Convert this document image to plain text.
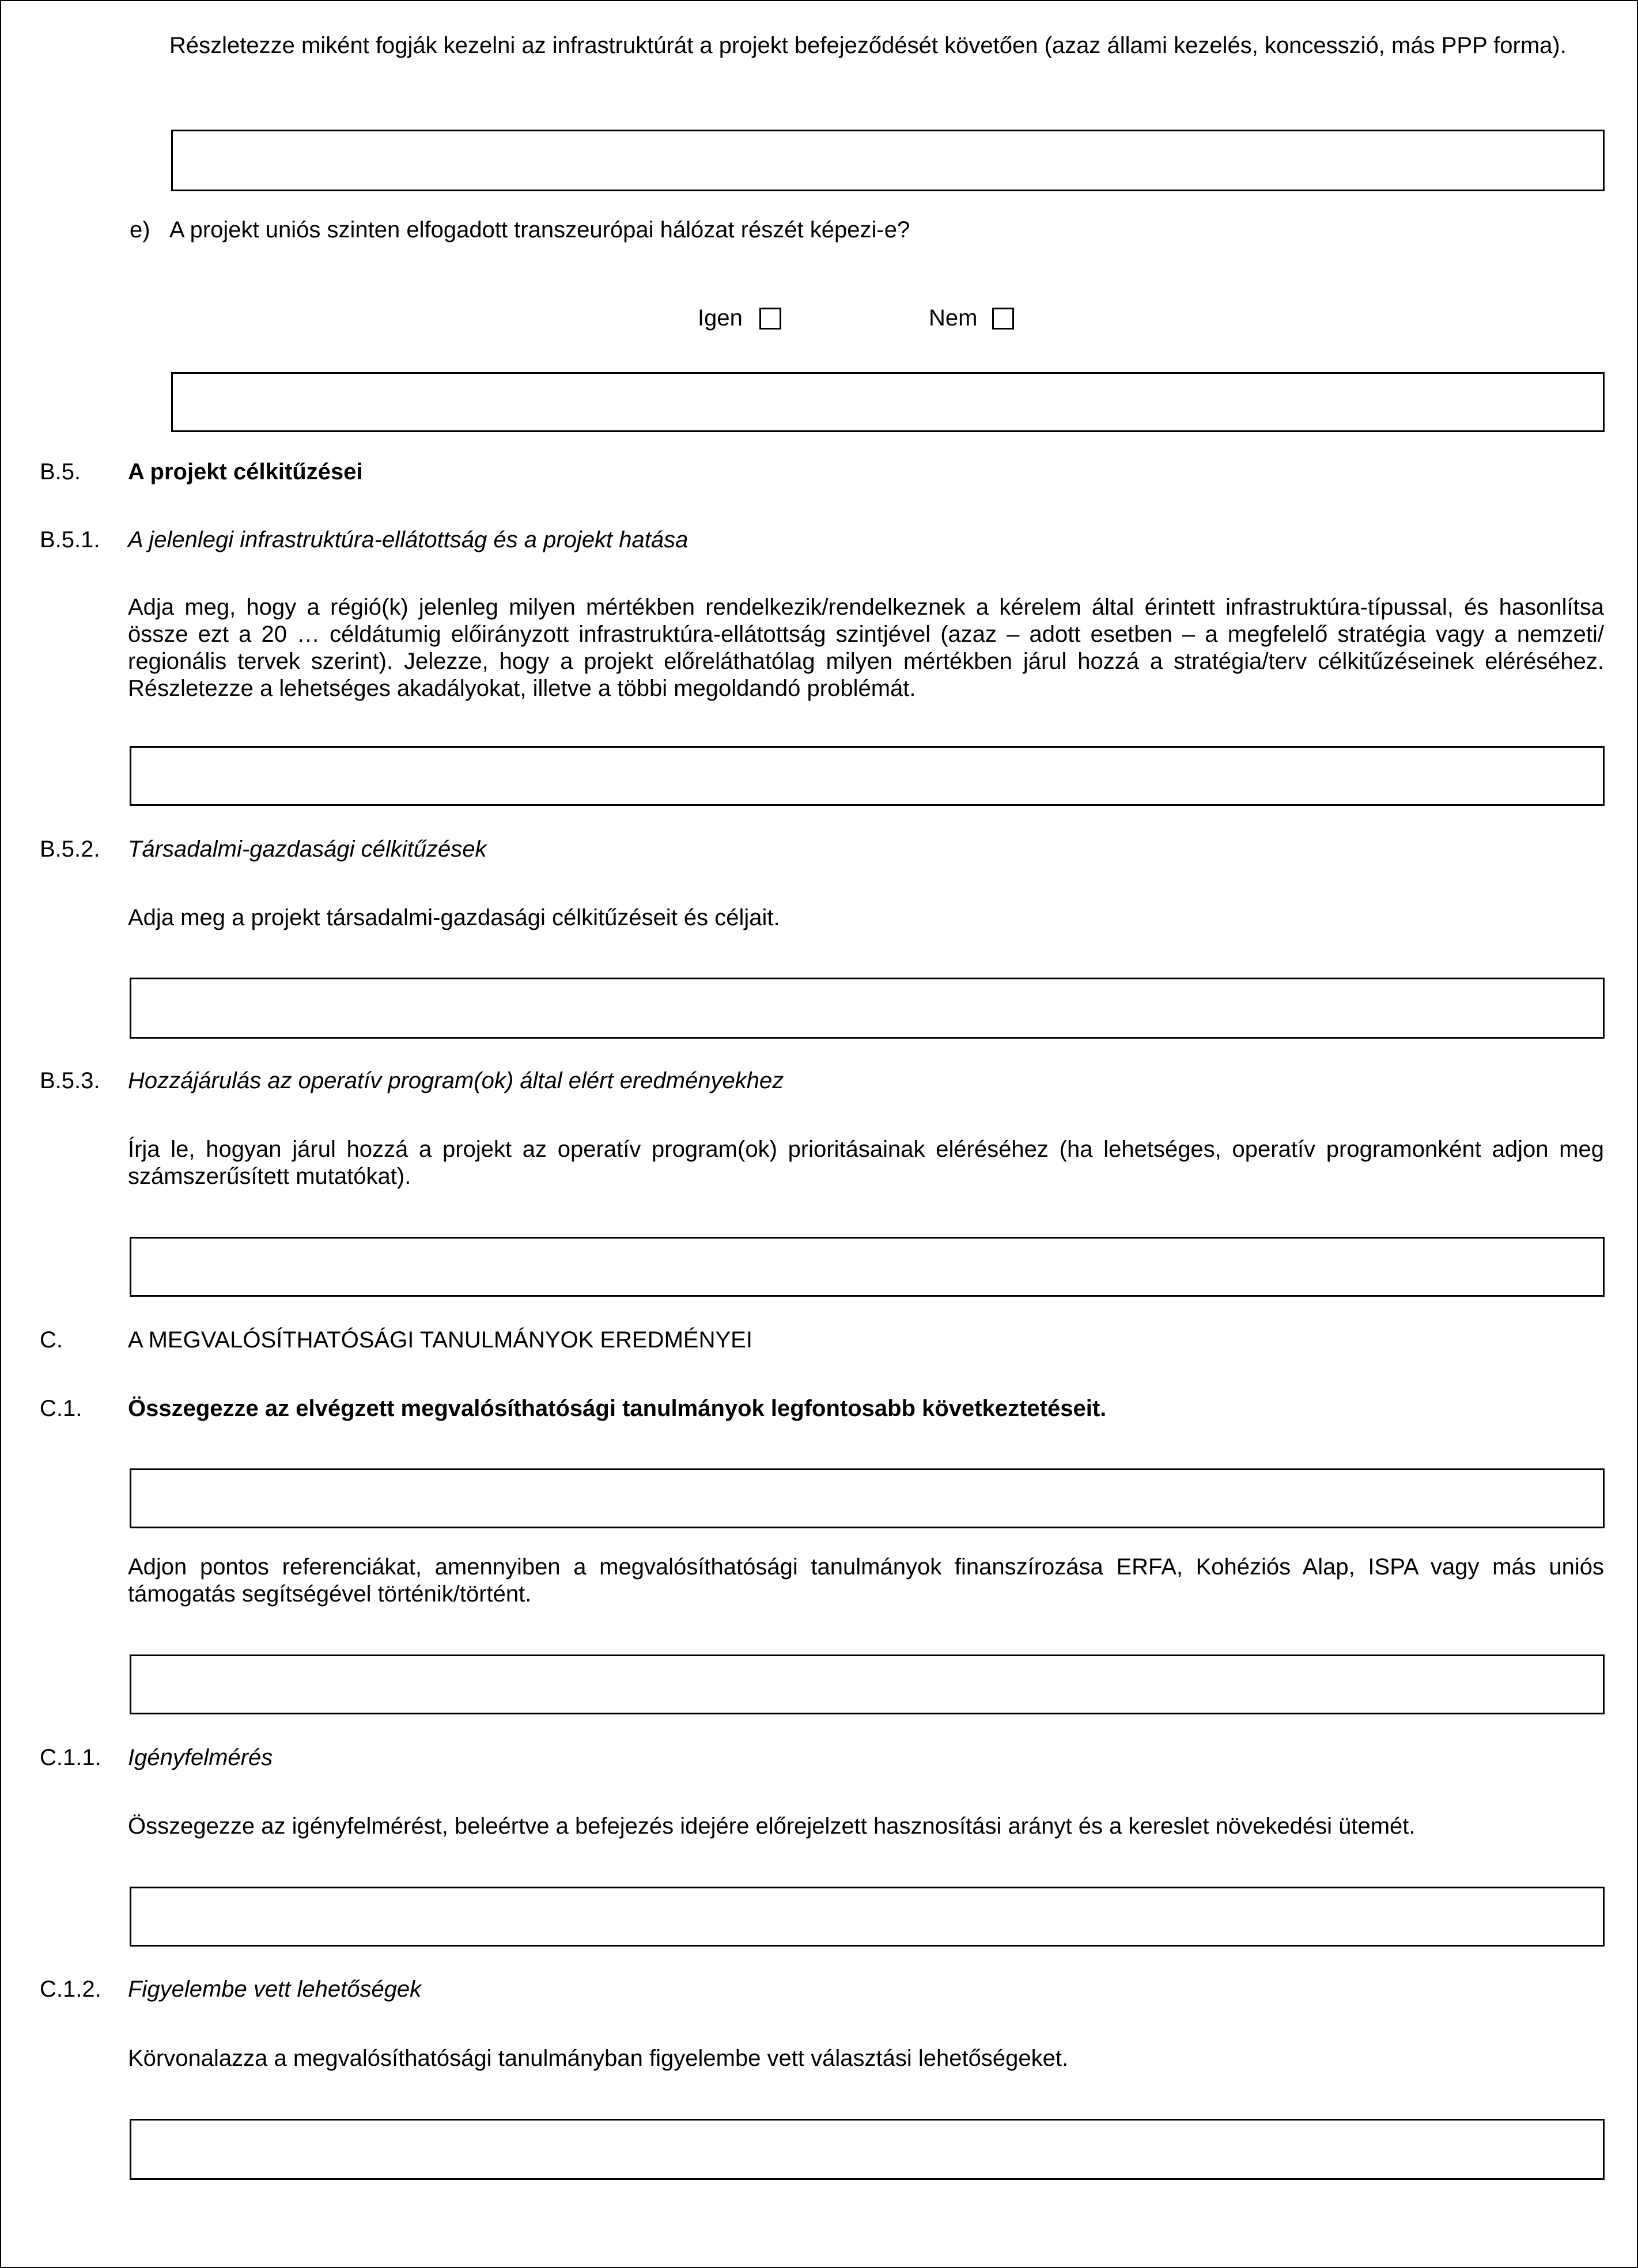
Részletezze miként fogják kezelni az infrastruktúrát a projekt befejeződését követően (azaz állami kezelés, koncesszió, más PPP forma).

e) A projekt uniós szinten elfogadott transzeurópai hálózat részét képezi-e?

Igen	Nem

B.5. A projekt célkitűzései

B.5.1. A jelenlegi infrastruktúra-ellátottság és a projekt hatása

Adja meg, hogy a régió(k) jelenleg milyen mértékben rendelkezik/rendelkeznek a kérelem által érintett infrastruktúra-típussal, és hasonlítsa össze ezt a 20 … céldátumig előirányzott infrastruktúra-ellátottság szintjével (azaz – adott esetben – a megfelelő stratégia vagy a nemzeti/ regionális tervek szerint). Jelezze, hogy a projekt előreláthatólag milyen mértékben járul hozzá a stratégia/terv célkitűzéseinek eléréséhez. Részletezze a lehetséges akadályokat, illetve a többi megoldandó problémát.

B.5.2. Társadalmi-gazdasági célkitűzések

Adja meg a projekt társadalmi-gazdasági célkitűzéseit és céljait.

B.5.3. Hozzájárulás az operatív program(ok) által elért eredményekhez

Írja le, hogyan járul hozzá a projekt az operatív program(ok) prioritásainak eléréséhez (ha lehetséges, operatív programonként adjon meg számszerűsített mutatókat).

C.	A MEGVALÓSÍTHATÓSÁGI TANULMÁNYOK EREDMÉNYEI

C.1. Összegezze az elvégzett megvalósíthatósági tanulmányok legfontosabb következtetéseit.

Adjon pontos referenciákat, amennyiben a megvalósíthatósági tanulmányok finanszírozása ERFA, Kohéziós Alap, ISPA vagy más uniós támogatás segítségével történik/történt.

C.1.1. Igényfelmérés

Összegezze az igényfelmérést, beleértve a befejezés idejére előrejelzett hasznosítási arányt és a kereslet növekedési ütemét.

C.1.2. Figyelembe vett lehetőségek

Körvonalazza a megvalósíthatósági tanulmányban figyelembe vett választási lehetőségeket.
